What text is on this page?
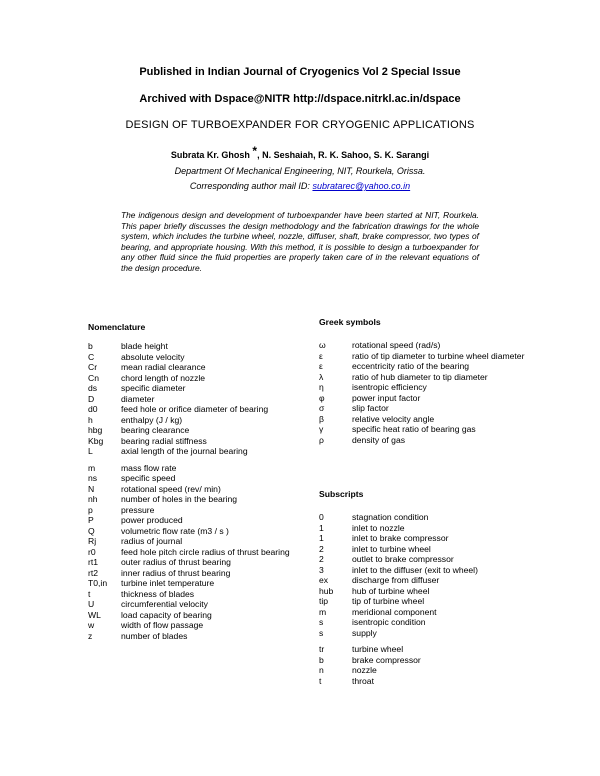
Published in Indian Journal of Cryogenics Vol 2 Special Issue
Archived with Dspace@NITR http://dspace.nitrkl.ac.in/dspace
DESIGN OF TURBOEXPANDER FOR CRYOGENIC APPLICATIONS
Subrata Kr. Ghosh *, N. Seshaiah, R. K. Sahoo, S. K. Sarangi
Department Of Mechanical Engineering, NIT, Rourkela, Orissa.
Corresponding author mail ID: subratarec@yahoo.co.in
The indigenous design and development of turboexpander have been started at NIT, Rourkela. This paper briefly discusses the design methodology and the fabrication drawings for the whole system, which includes the turbine wheel, nozzle, diffuser, shaft, brake compressor, two types of bearing, and appropriate housing. With this method, it is possible to design a turboexpander for any other fluid since the fluid properties are properly taken care of in the relevant equations of the design procedure.
Nomenclature
b	blade height
C	absolute velocity
Cr	mean radial clearance
Cn	chord length of nozzle
ds	specific diameter
D	diameter
d0	feed hole or orifice diameter of bearing
h	enthalpy (J / kg)
hbg	bearing clearance
Kbg	bearing radial stiffness
L	axial length of the journal bearing
m	mass flow rate
ns	specific speed
N	rotational speed (rev/ min)
nh	number of holes in the bearing
p	pressure
P	power produced
Q	volumetric flow rate (m3 / s )
Rj	radius of journal
r0	feed hole pitch circle radius of thrust bearing
rt1	outer radius of thrust bearing
rt2	inner radius of thrust bearing
T0,in	turbine inlet temperature
t	thickness of blades
U	circumferential velocity
WL	load capacity of bearing
w	width of flow passage
z	number of blades
Greek symbols
ω	rotational speed (rad/s)
ε	ratio of tip diameter to turbine wheel diameter
ε	eccentricity ratio of the bearing
λ	ratio of hub diameter to tip diameter
η	isentropic efficiency
φ	power input factor
σ	slip factor
β	relative velocity angle
γ	specific heat ratio of bearing gas
ρ	density of gas
Subscripts
0	stagnation condition
1	inlet to nozzle
1	inlet to brake compressor
2	inlet to turbine wheel
2	outlet to brake compressor
3	inlet to the diffuser (exit to wheel)
ex	discharge from diffuser
hub	hub of turbine wheel
tip	tip of turbine wheel
m	meridional component
s	isentropic condition
s	supply
tr	turbine wheel
b	brake compressor
n	nozzle
t	throat
